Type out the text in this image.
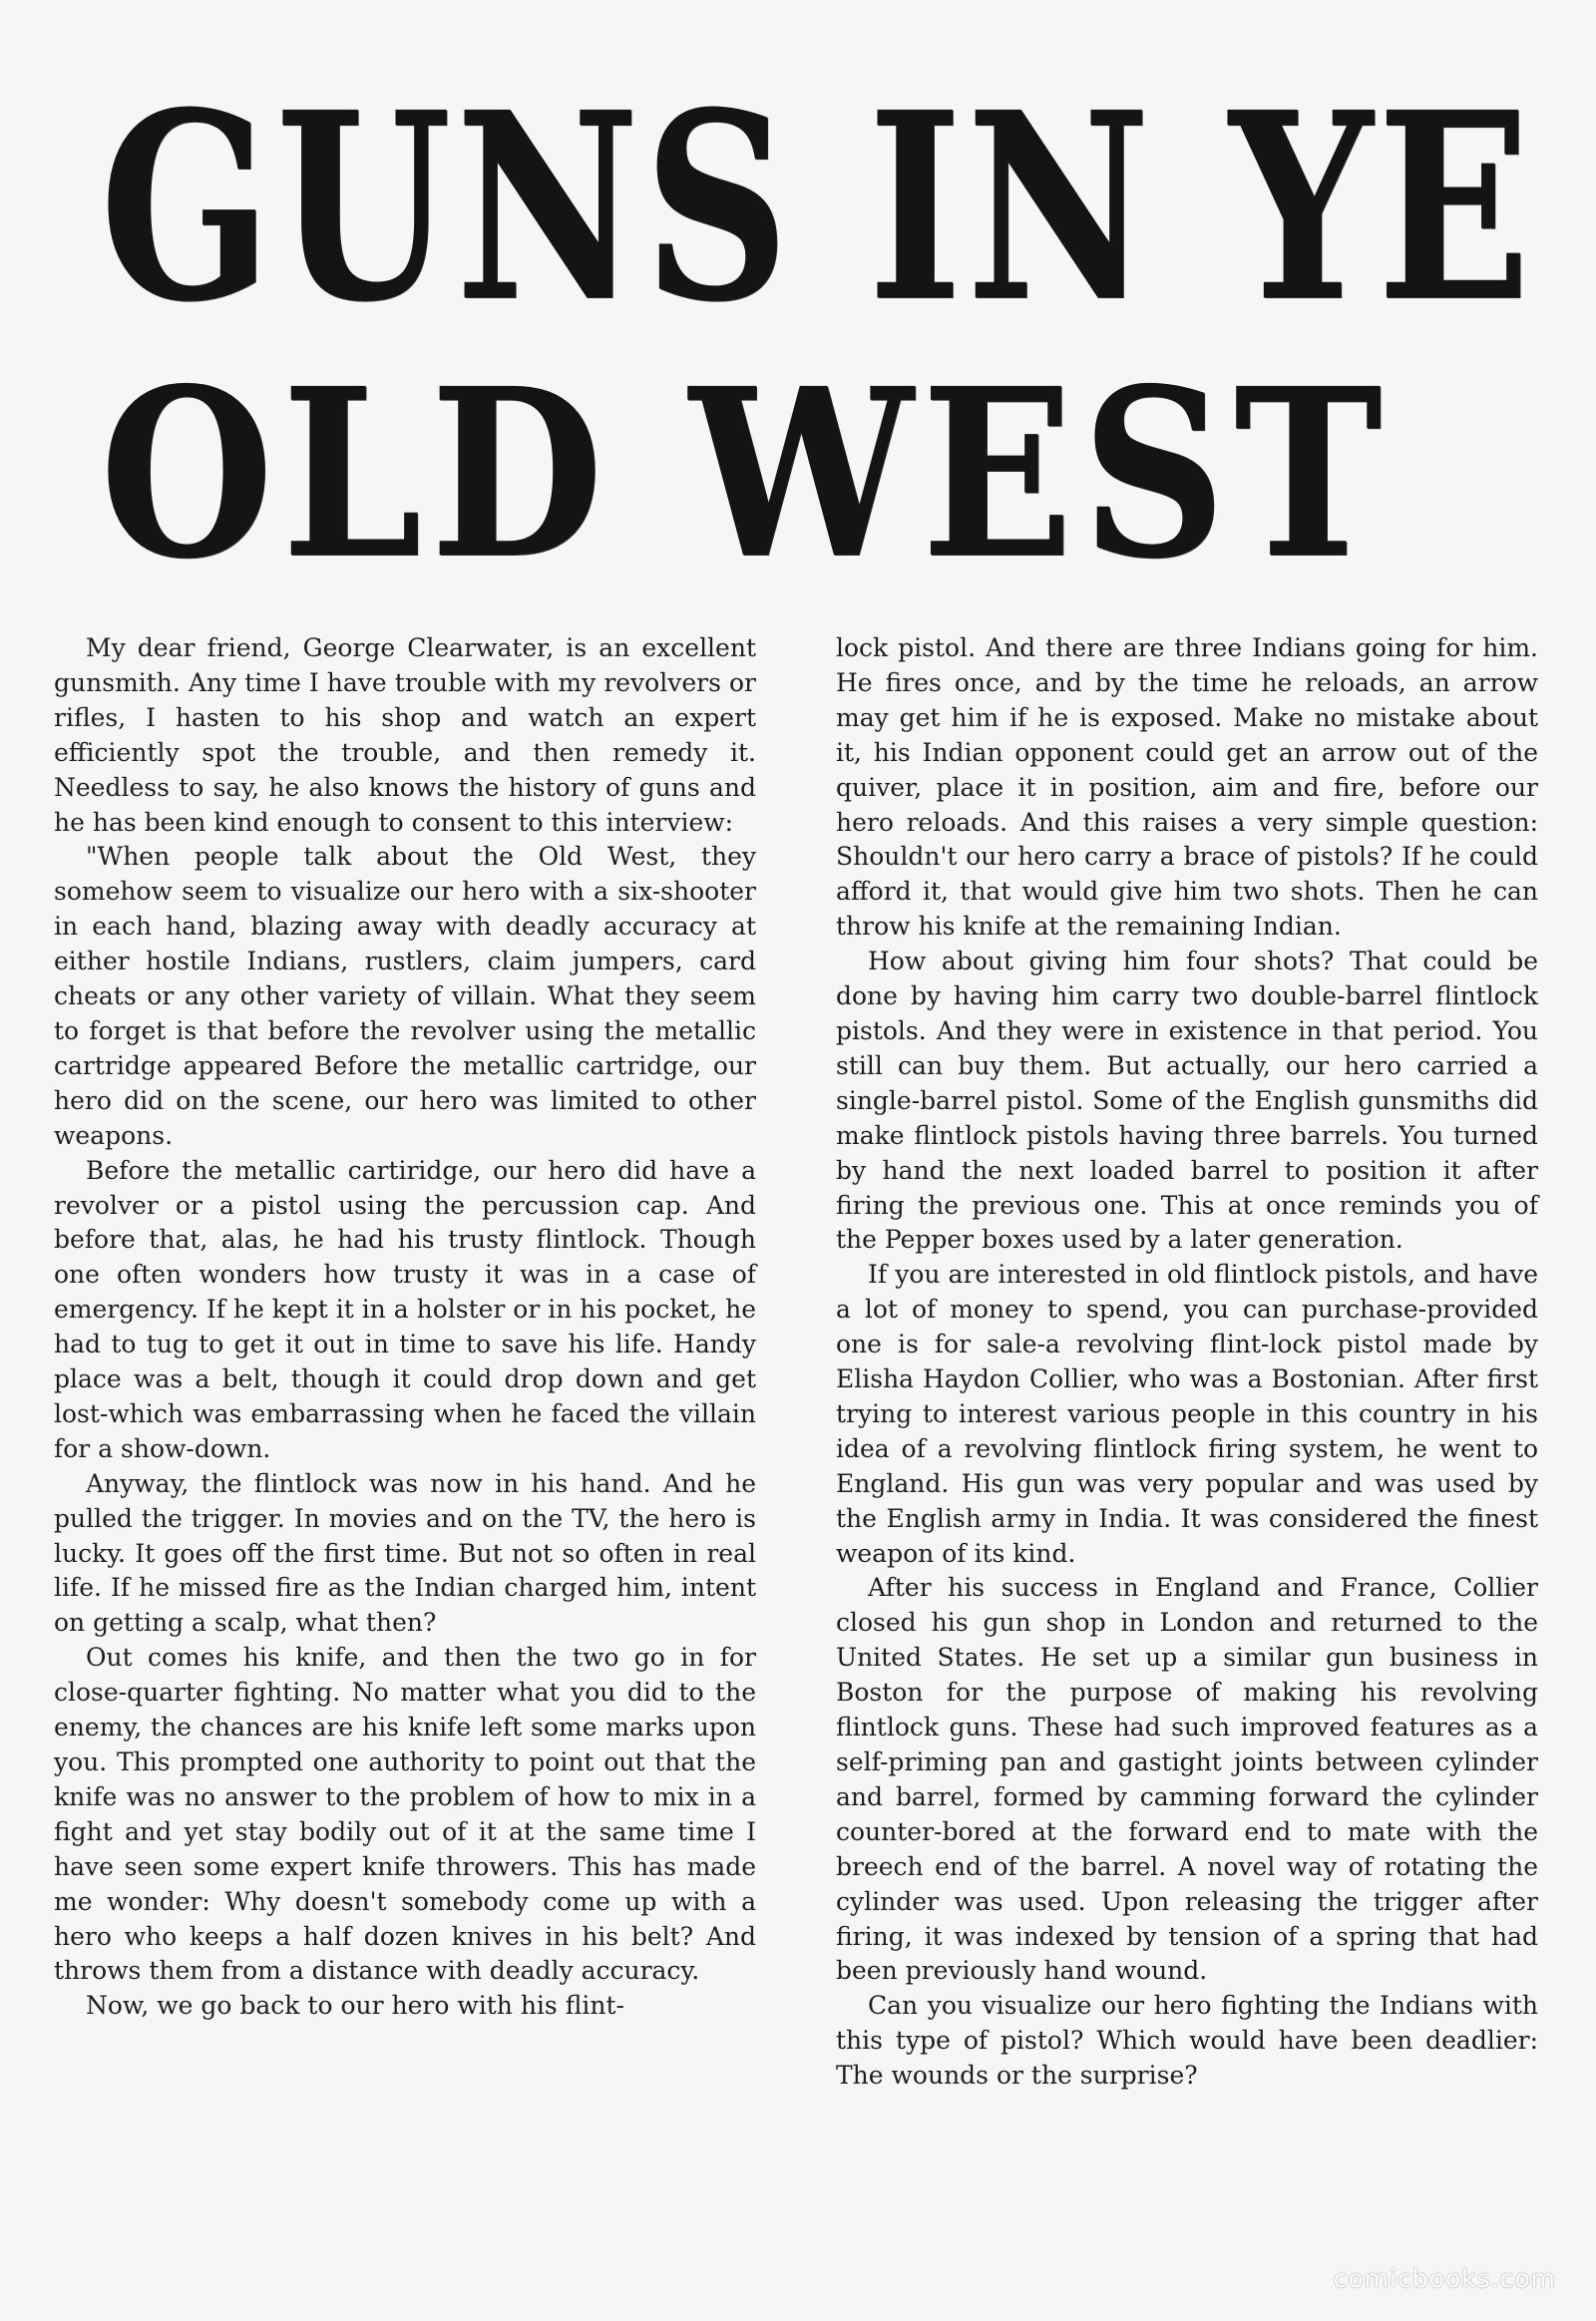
GUNS IN YE
OLD WEST

My dear friend, George Clearwater, is an excellent gunsmith. Any time I have trouble with my revolvers or rifles, I hasten to his shop and watch an expert efficiently spot the trouble, and then remedy it. Needless to say, he also knows the history of guns and he has been kind enough to consent to this interview:

"When people talk about the Old West, they somehow seem to visualize our hero with a six-shooter in each hand, blazing away with deadly accuracy at either hostile Indians, rustlers, claim jumpers, card cheats or any other variety of villain. What they seem to forget is that before the revolver using the metallic cartridge appeared Before the metallic cartridge, our hero did on the scene, our hero was limited to other weapons.

Before the metallic cartiridge, our hero did have a revolver or a pistol using the percussion cap. And before that, alas, he had his trusty flintlock. Though one often wonders how trusty it was in a case of emergency. If he kept it in a holster or in his pocket, he had to tug to get it out in time to save his life. Handy place was a belt, though it could drop down and get lost-which was embarrassing when he faced the villain for a show-down.

Anyway, the flintlock was now in his hand. And he pulled the trigger. In movies and on the TV, the hero is lucky. It goes off the first time. But not so often in real life. If he missed fire as the Indian charged him, intent on getting a scalp, what then?

Out comes his knife, and then the two go in for close-quarter fighting. No matter what you did to the enemy, the chances are his knife left some marks upon you. This prompted one authority to point out that the knife was no answer to the problem of how to mix in a fight and yet stay bodily out of it at the same time I have seen some expert knife throwers. This has made me wonder: Why doesn't somebody come up with a hero who keeps a half dozen knives in his belt? And throws them from a distance with deadly accuracy.

Now, we go back to our hero with his flint-

lock pistol. And there are three Indians going for him. He fires once, and by the time he reloads, an arrow may get him if he is exposed. Make no mistake about it, his Indian opponent could get an arrow out of the quiver, place it in position, aim and fire, before our hero reloads. And this raises a very simple question: Shouldn't our hero carry a brace of pistols? If he could afford it, that would give him two shots. Then he can throw his knife at the remaining Indian.

How about giving him four shots? That could be done by having him carry two double-barrel flintlock pistols. And they were in existence in that period. You still can buy them. But actually, our hero carried a single-barrel pistol. Some of the English gunsmiths did make flintlock pistols having three barrels. You turned by hand the next loaded barrel to position it after firing the previous one. This at once reminds you of the Pepper boxes used by a later generation.

If you are interested in old flintlock pistols, and have a lot of money to spend, you can purchase-provided one is for sale-a revolving flint-lock pistol made by Elisha Haydon Collier, who was a Bostonian. After first trying to interest various people in this country in his idea of a revolving flintlock firing system, he went to England. His gun was very popular and was used by the English army in India. It was considered the finest weapon of its kind.

After his success in England and France, Collier closed his gun shop in London and returned to the United States. He set up a similar gun business in Boston for the purpose of making his revolving flintlock guns. These had such improved features as a self-priming pan and gastight joints between cylinder and barrel, formed by camming forward the cylinder counter-bored at the forward end to mate with the breech end of the barrel. A novel way of rotating the cylinder was used. Upon releasing the trigger after firing, it was indexed by tension of a spring that had been previously hand wound.

Can you visualize our hero fighting the Indians with this type of pistol? Which would have been deadlier: The wounds or the surprise?

comicbooks.com
